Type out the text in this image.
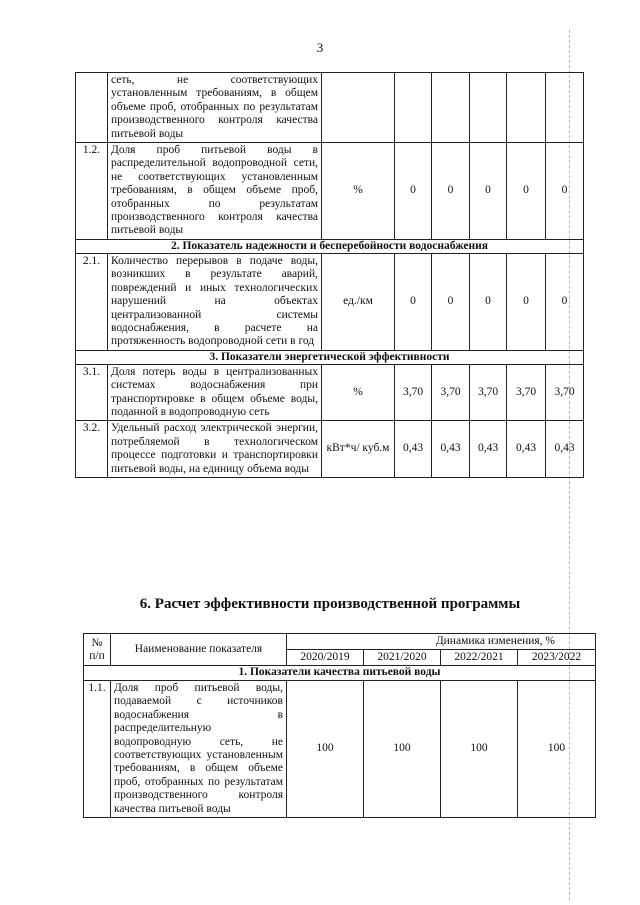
3
	сеть, не соответствующих установленным требованиям, в общем объеме проб, отобранных по результатам производственного контроля качества питьевой воды						
1.2.	Доля проб питьевой воды в распределительной водопроводной сети, не соответствующих установленным требованиям, в общем объеме проб, отобранных по результатам производственного контроля качества питьевой воды	%	0	0	0	0	0
2. Показатель надежности и бесперебойности водоснабжения							
2.1.	Количество перерывов в подаче воды, возникших в результате аварий, повреждений и иных технологических нарушений на объектах централизованной системы водоснабжения, в расчете на протяженность водопроводной сети в год	ед./км	0	0	0	0	0
3. Показатели энергетической эффективности							
3.1.	Доля потерь воды в централизованных системах водоснабжения при транспортировке в общем объеме воды, поданной в водопроводную сеть	%	3,70	3,70	3,70	3,70	3,70
3.2.	Удельный расход электрической энергии, потребляемой в технологическом процессе подготовки и транспортировки питьевой воды, на единицу объема воды	кВт*ч/ куб.м	0,43	0,43	0,43	0,43	0,43
6. Расчет эффективности производственной программы
№ п/п	Наименование показателя	Динамика изменения, %			
		2020/2019	2021/2020	2022/2021	2023/2022
1. Показатели качества питьевой воды					
1.1.	Доля проб питьевой воды, подаваемой с источников водоснабжения в распределительную водопроводную сеть, не соответствующих установленным требованиям, в общем объеме проб, отобранных по результатам производственного контроля качества питьевой воды	100	100	100	100
